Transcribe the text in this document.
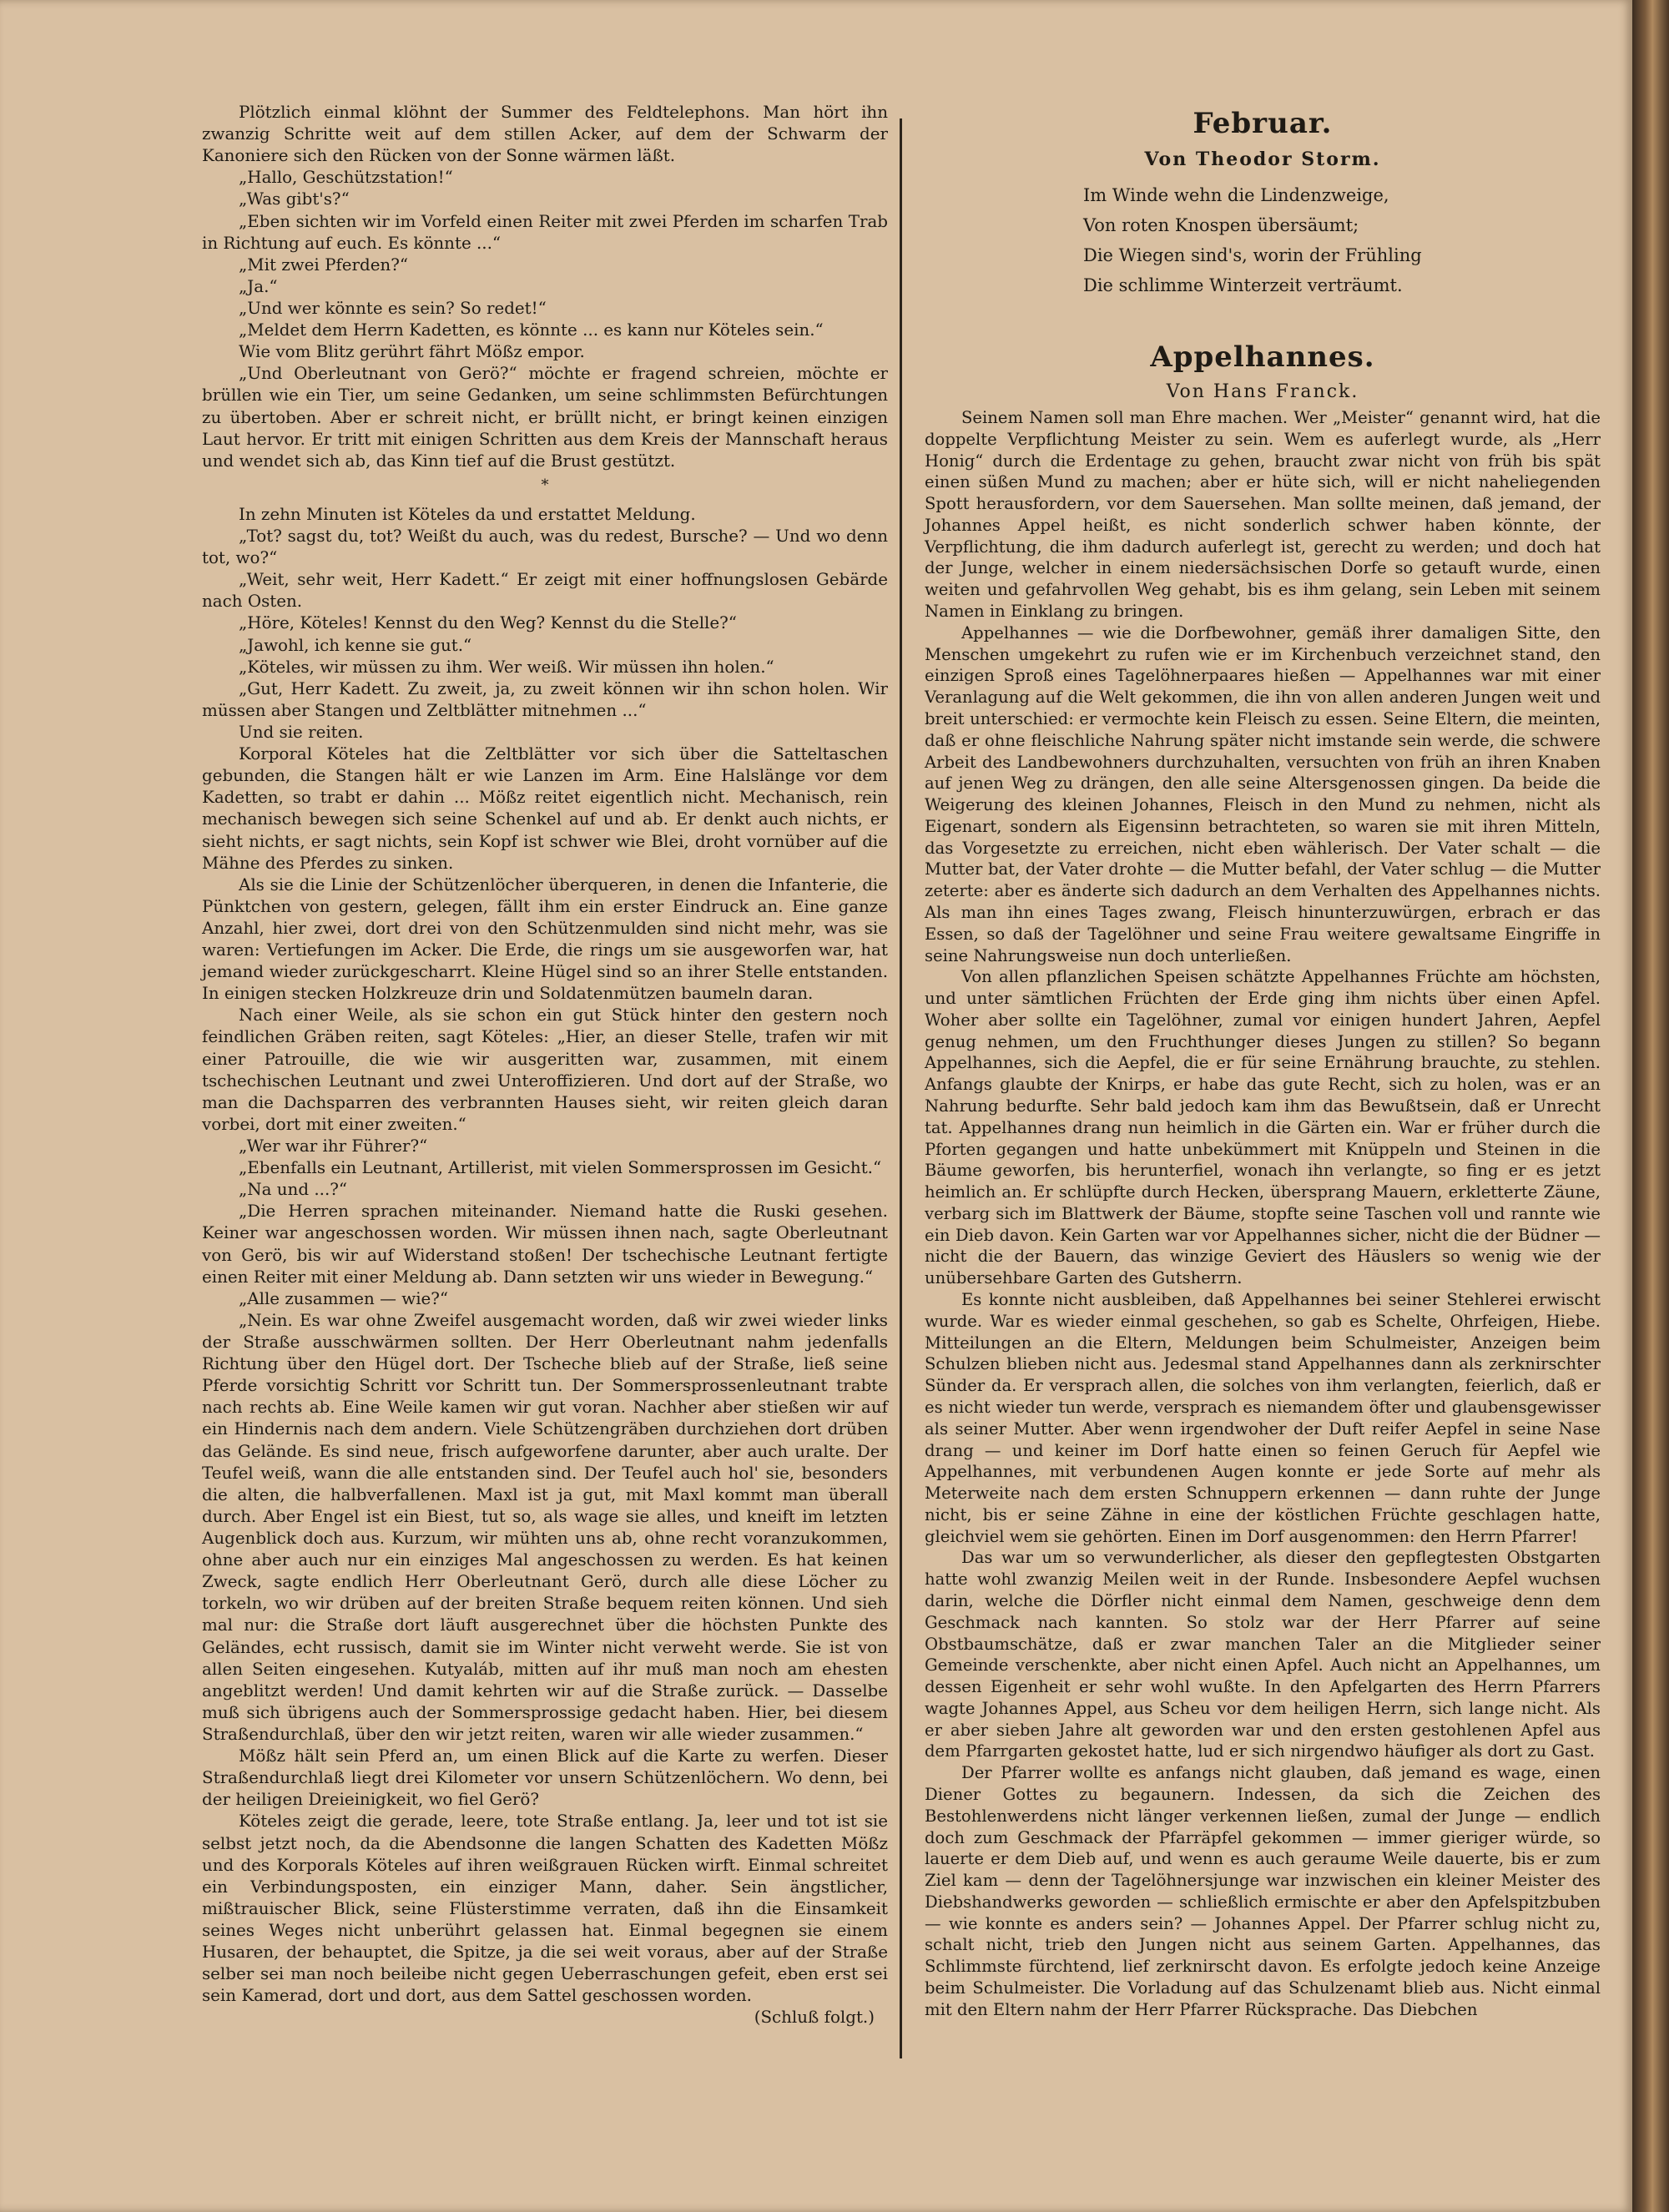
Plötzlich einmal klöhnt der Summer des Feldtelephons. Man hört ihn zwanzig Schritte weit auf dem stillen Acker, auf dem der Schwarm der Kanoniere sich den Rücken von der Sonne wärmen läßt.

„Hallo, Geschützstation!“

„Was gibt's?“

„Eben sichten wir im Vorfeld einen Reiter mit zwei Pferden im scharfen Trab in Richtung auf euch. Es könnte ...“

„Mit zwei Pferden?“

„Ja.“

„Und wer könnte es sein? So redet!“

„Meldet dem Herrn Kadetten, es könnte ... es kann nur Köteles sein.“

Wie vom Blitz gerührt fährt Mößz empor.

„Und Oberleutnant von Gerö?“ möchte er fragend schreien, möchte er brüllen wie ein Tier, um seine Gedanken, um seine schlimmsten Befürchtungen zu übertoben. Aber er schreit nicht, er brüllt nicht, er bringt keinen einzigen Laut hervor. Er tritt mit einigen Schritten aus dem Kreis der Mannschaft heraus und wendet sich ab, das Kinn tief auf die Brust gestützt.

*

In zehn Minuten ist Köteles da und erstattet Meldung.

„Tot? sagst du, tot? Weißt du auch, was du redest, Bursche? — Und wo denn tot, wo?“

„Weit, sehr weit, Herr Kadett.“ Er zeigt mit einer hoffnungslosen Gebärde nach Osten.

„Höre, Köteles! Kennst du den Weg? Kennst du die Stelle?“

„Jawohl, ich kenne sie gut.“

„Köteles, wir müssen zu ihm. Wer weiß. Wir müssen ihn holen.“

„Gut, Herr Kadett. Zu zweit, ja, zu zweit können wir ihn schon holen. Wir müssen aber Stangen und Zeltblätter mitnehmen ...“

Und sie reiten.

Korporal Köteles hat die Zeltblätter vor sich über die Satteltaschen gebunden, die Stangen hält er wie Lanzen im Arm. Eine Halslänge vor dem Kadetten, so trabt er dahin ... Mößz reitet eigentlich nicht. Mechanisch, rein mechanisch bewegen sich seine Schenkel auf und ab. Er denkt auch nichts, er sieht nichts, er sagt nichts, sein Kopf ist schwer wie Blei, droht vornüber auf die Mähne des Pferdes zu sinken.

Als sie die Linie der Schützenlöcher überqueren, in denen die Infanterie, die Pünktchen von gestern, gelegen, fällt ihm ein erster Eindruck an. Eine ganze Anzahl, hier zwei, dort drei von den Schützenmulden sind nicht mehr, was sie waren: Vertiefungen im Acker. Die Erde, die rings um sie ausgeworfen war, hat jemand wieder zurückgescharrt. Kleine Hügel sind so an ihrer Stelle entstanden. In einigen stecken Holzkreuze drin und Soldatenmützen baumeln daran.

Nach einer Weile, als sie schon ein gut Stück hinter den gestern noch feindlichen Gräben reiten, sagt Köteles: „Hier, an dieser Stelle, trafen wir mit einer Patrouille, die wie wir ausgeritten war, zusammen, mit einem tschechischen Leutnant und zwei Unteroffizieren. Und dort auf der Straße, wo man die Dachsparren des verbrannten Hauses sieht, wir reiten gleich daran vorbei, dort mit einer zweiten.“

„Wer war ihr Führer?“

„Ebenfalls ein Leutnant, Artillerist, mit vielen Sommersprossen im Gesicht.“

„Na und ...?“

„Die Herren sprachen miteinander. Niemand hatte die Ruski gesehen. Keiner war angeschossen worden. Wir müssen ihnen nach, sagte Oberleutnant von Gerö, bis wir auf Widerstand stoßen! Der tschechische Leutnant fertigte einen Reiter mit einer Meldung ab. Dann setzten wir uns wieder in Bewegung.“

„Alle zusammen — wie?“

„Nein. Es war ohne Zweifel ausgemacht worden, daß wir zwei wieder links der Straße ausschwärmen sollten. Der Herr Oberleutnant nahm jedenfalls Richtung über den Hügel dort. Der Tscheche blieb auf der Straße, ließ seine Pferde vorsichtig Schritt vor Schritt tun. Der Sommersprossenleutnant trabte nach rechts ab. Eine Weile kamen wir gut voran. Nachher aber stießen wir auf ein Hindernis nach dem andern. Viele Schützengräben durchziehen dort drüben das Gelände. Es sind neue, frisch aufgeworfene darunter, aber auch uralte. Der Teufel weiß, wann die alle entstanden sind. Der Teufel auch hol' sie, besonders die alten, die halbverfallenen. Maxl ist ja gut, mit Maxl kommt man überall durch. Aber Engel ist ein Biest, tut so, als wage sie alles, und kneift im letzten Augenblick doch aus. Kurzum, wir mühten uns ab, ohne recht voranzukommen, ohne aber auch nur ein einziges Mal angeschossen zu werden. Es hat keinen Zweck, sagte endlich Herr Oberleutnant Gerö, durch alle diese Löcher zu torkeln, wo wir drüben auf der breiten Straße bequem reiten können. Und sieh mal nur: die Straße dort läuft ausgerechnet über die höchsten Punkte des Geländes, echt russisch, damit sie im Winter nicht verweht werde. Sie ist von allen Seiten eingesehen. Kutyaláb, mitten auf ihr muß man noch am ehesten angeblitzt werden! Und damit kehrten wir auf die Straße zurück. — Dasselbe muß sich übrigens auch der Sommersprossige gedacht haben. Hier, bei diesem Straßendurchlaß, über den wir jetzt reiten, waren wir alle wieder zusammen.“

Mößz hält sein Pferd an, um einen Blick auf die Karte zu werfen. Dieser Straßendurchlaß liegt drei Kilometer vor unsern Schützenlöchern. Wo denn, bei der heiligen Dreieinigkeit, wo fiel Gerö?

Köteles zeigt die gerade, leere, tote Straße entlang. Ja, leer und tot ist sie selbst jetzt noch, da die Abendsonne die langen Schatten des Kadetten Mößz und des Korporals Köteles auf ihren weißgrauen Rücken wirft. Einmal schreitet ein Verbindungsposten, ein einziger Mann, daher. Sein ängstlicher, mißtrauischer Blick, seine Flüsterstimme verraten, daß ihn die Einsamkeit seines Weges nicht unberührt gelassen hat. Einmal begegnen sie einem Husaren, der behauptet, die Spitze, ja die sei weit voraus, aber auf der Straße selber sei man noch beileibe nicht gegen Ueberraschungen gefeit, eben erst sei sein Kamerad, dort und dort, aus dem Sattel geschossen worden.

(Schluß folgt.)
Februar.
Von Theodor Storm.
Im Winde wehn die Lindenzweige,
Von roten Knospen übersäumt;
Die Wiegen sind's, worin der Frühling
Die schlimme Winterzeit verträumt.
Appelhannes.
Von Hans Franck.

Seinem Namen soll man Ehre machen. Wer „Meister“ genannt wird, hat die doppelte Verpflichtung Meister zu sein. Wem es auferlegt wurde, als „Herr Honig“ durch die Erdentage zu gehen, braucht zwar nicht von früh bis spät einen süßen Mund zu machen; aber er hüte sich, will er nicht naheliegenden Spott herausfordern, vor dem Sauersehen. Man sollte meinen, daß jemand, der Johannes Appel heißt, es nicht sonderlich schwer haben könnte, der Verpflichtung, die ihm dadurch auferlegt ist, gerecht zu werden; und doch hat der Junge, welcher in einem niedersächsischen Dorfe so getauft wurde, einen weiten und gefahrvollen Weg gehabt, bis es ihm gelang, sein Leben mit seinem Namen in Einklang zu bringen.

Appelhannes — wie die Dorfbewohner, gemäß ihrer damaligen Sitte, den Menschen umgekehrt zu rufen wie er im Kirchenbuch verzeichnet stand, den einzigen Sproß eines Tagelöhnerpaares hießen — Appelhannes war mit einer Veranlagung auf die Welt gekommen, die ihn von allen anderen Jungen weit und breit unterschied: er vermochte kein Fleisch zu essen. Seine Eltern, die meinten, daß er ohne fleischliche Nahrung später nicht imstande sein werde, die schwere Arbeit des Landbewohners durchzuhalten, versuchten von früh an ihren Knaben auf jenen Weg zu drängen, den alle seine Altersgenossen gingen. Da beide die Weigerung des kleinen Johannes, Fleisch in den Mund zu nehmen, nicht als Eigenart, sondern als Eigensinn betrachteten, so waren sie mit ihren Mitteln, das Vorgesetzte zu erreichen, nicht eben wählerisch. Der Vater schalt — die Mutter bat, der Vater drohte — die Mutter befahl, der Vater schlug — die Mutter zeterte: aber es änderte sich dadurch an dem Verhalten des Appelhannes nichts. Als man ihn eines Tages zwang, Fleisch hinunterzuwürgen, erbrach er das Essen, so daß der Tagelöhner und seine Frau weitere gewaltsame Eingriffe in seine Nahrungsweise nun doch unterließen.

Von allen pflanzlichen Speisen schätzte Appelhannes Früchte am höchsten, und unter sämtlichen Früchten der Erde ging ihm nichts über einen Apfel. Woher aber sollte ein Tagelöhner, zumal vor einigen hundert Jahren, Aepfel genug nehmen, um den Fruchthunger dieses Jungen zu stillen? So begann Appelhannes, sich die Aepfel, die er für seine Ernährung brauchte, zu stehlen. Anfangs glaubte der Knirps, er habe das gute Recht, sich zu holen, was er an Nahrung bedurfte. Sehr bald jedoch kam ihm das Bewußtsein, daß er Unrecht tat. Appelhannes drang nun heimlich in die Gärten ein. War er früher durch die Pforten gegangen und hatte unbekümmert mit Knüppeln und Steinen in die Bäume geworfen, bis herunterfiel, wonach ihn verlangte, so fing er es jetzt heimlich an. Er schlüpfte durch Hecken, übersprang Mauern, erkletterte Zäune, verbarg sich im Blattwerk der Bäume, stopfte seine Taschen voll und rannte wie ein Dieb davon. Kein Garten war vor Appelhannes sicher, nicht die der Büdner — nicht die der Bauern, das winzige Geviert des Häuslers so wenig wie der unübersehbare Garten des Gutsherrn.

Es konnte nicht ausbleiben, daß Appelhannes bei seiner Stehlerei erwischt wurde. War es wieder einmal geschehen, so gab es Schelte, Ohrfeigen, Hiebe. Mitteilungen an die Eltern, Meldungen beim Schulmeister, Anzeigen beim Schulzen blieben nicht aus. Jedesmal stand Appelhannes dann als zerknirschter Sünder da. Er versprach allen, die solches von ihm verlangten, feierlich, daß er es nicht wieder tun werde, versprach es niemandem öfter und glaubensgewisser als seiner Mutter. Aber wenn irgendwoher der Duft reifer Aepfel in seine Nase drang — und keiner im Dorf hatte einen so feinen Geruch für Aepfel wie Appelhannes, mit verbundenen Augen konnte er jede Sorte auf mehr als Meterweite nach dem ersten Schnuppern erkennen — dann ruhte der Junge nicht, bis er seine Zähne in eine der köstlichen Früchte geschlagen hatte, gleichviel wem sie gehörten. Einen im Dorf ausgenommen: den Herrn Pfarrer!

Das war um so verwunderlicher, als dieser den gepflegtesten Obstgarten hatte wohl zwanzig Meilen weit in der Runde. Insbesondere Aepfel wuchsen darin, welche die Dörfler nicht einmal dem Namen, geschweige denn dem Geschmack nach kannten. So stolz war der Herr Pfarrer auf seine Obstbaumschätze, daß er zwar manchen Taler an die Mitglieder seiner Gemeinde verschenkte, aber nicht einen Apfel. Auch nicht an Appelhannes, um dessen Eigenheit er sehr wohl wußte. In den Apfelgarten des Herrn Pfarrers wagte Johannes Appel, aus Scheu vor dem heiligen Herrn, sich lange nicht. Als er aber sieben Jahre alt geworden war und den ersten gestohlenen Apfel aus dem Pfarrgarten gekostet hatte, lud er sich nirgendwo häufiger als dort zu Gast.

Der Pfarrer wollte es anfangs nicht glauben, daß jemand es wage, einen Diener Gottes zu begaunern. Indessen, da sich die Zeichen des Bestohlenwerdens nicht länger verkennen ließen, zumal der Junge — endlich doch zum Geschmack der Pfarräpfel gekommen — immer gieriger würde, so lauerte er dem Dieb auf, und wenn es auch geraume Weile dauerte, bis er zum Ziel kam — denn der Tagelöhnersjunge war inzwischen ein kleiner Meister des Diebshandwerks geworden — schließlich ermischte er aber den Apfelspitzbuben — wie konnte es anders sein? — Johannes Appel. Der Pfarrer schlug nicht zu, schalt nicht, trieb den Jungen nicht aus seinem Garten. Appelhannes, das Schlimmste fürchtend, lief zerknirscht davon. Es erfolgte jedoch keine Anzeige beim Schulmeister. Die Vorladung auf das Schulzenamt blieb aus. Nicht einmal mit den Eltern nahm der Herr Pfarrer Rücksprache. Das Diebchen
